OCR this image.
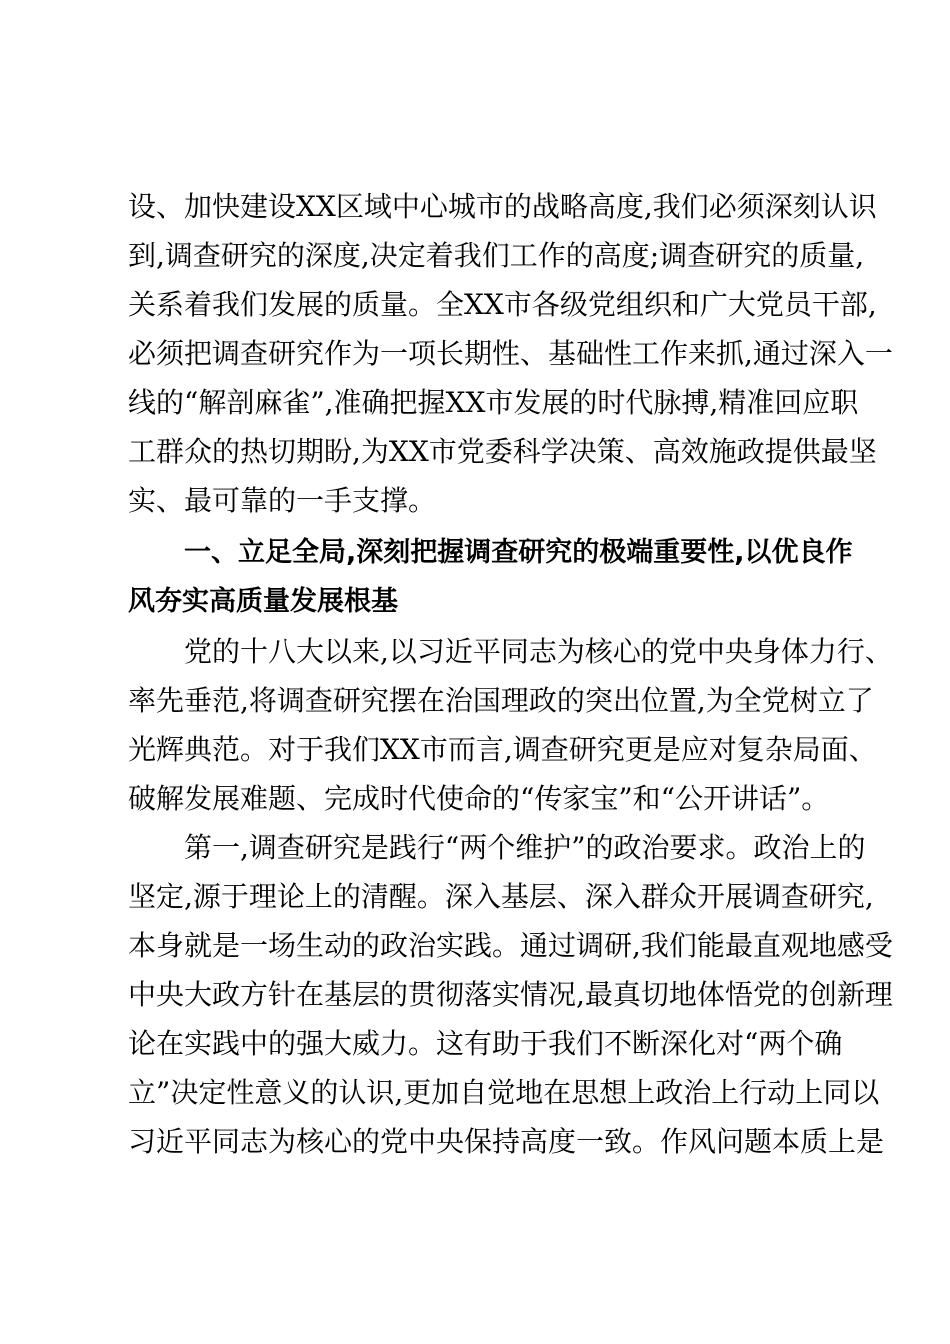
设、加快建设XX区域中心城市的战略高度,我们必须深刻认识
到,调查研究的深度,决定着我们工作的高度;调查研究的质量,
关系着我们发展的质量。全XX市各级党组织和广大党员干部,
必须把调查研究作为一项长期性、基础性工作来抓,通过深入一
线的“解剖麻雀”,准确把握XX市发展的时代脉搏,精准回应职
工群众的热切期盼,为XX市党委科学决策、高效施政提供最坚
实、最可靠的一手支撑。
一、立足全局,深刻把握调查研究的极端重要性,以优良作
风夯实高质量发展根基
党的十八大以来,以习近平同志为核心的党中央身体力行、
率先垂范,将调查研究摆在治国理政的突出位置,为全党树立了
光辉典范。对于我们XX市而言,调查研究更是应对复杂局面、
破解发展难题、完成时代使命的“传家宝”和“公开讲话”。
第一,调查研究是践行“两个维护”的政治要求。政治上的
坚定,源于理论上的清醒。深入基层、深入群众开展调查研究,
本身就是一场生动的政治实践。通过调研,我们能最直观地感受
中央大政方针在基层的贯彻落实情况,最真切地体悟党的创新理
论在实践中的强大威力。这有助于我们不断深化对“两个确
立”决定性意义的认识,更加自觉地在思想上政治上行动上同以
习近平同志为核心的党中央保持高度一致。作风问题本质上是
